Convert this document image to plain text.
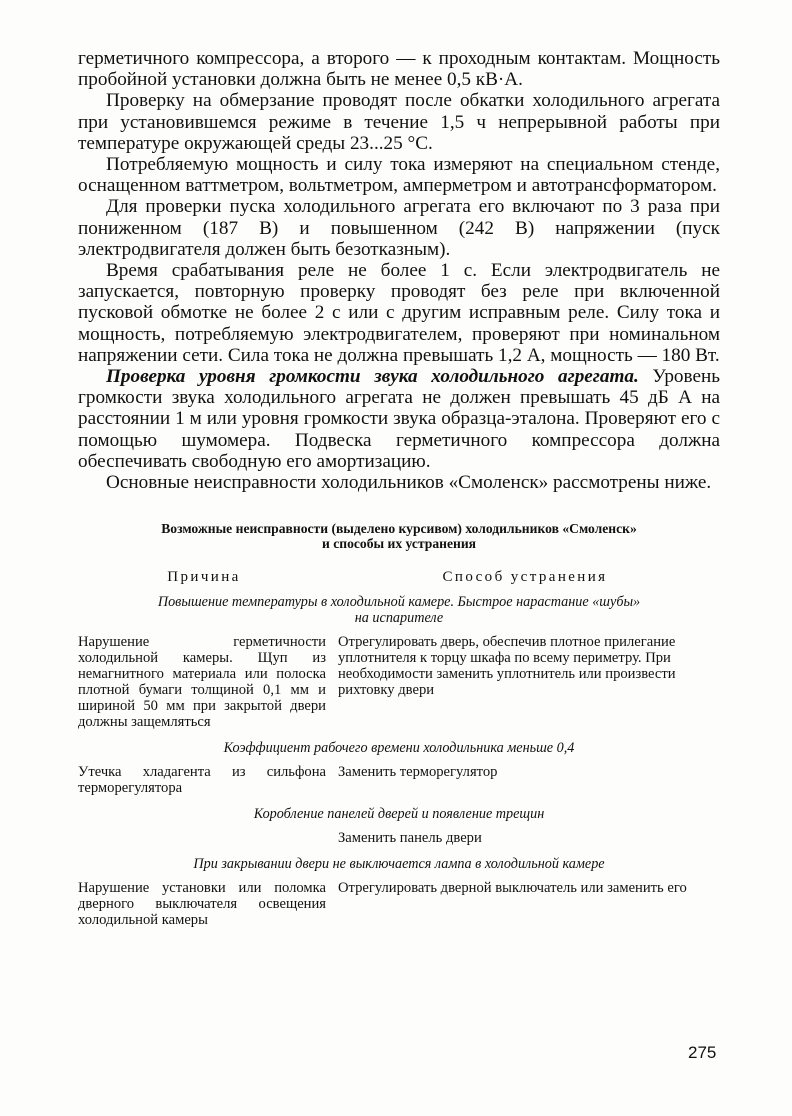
герметичного компрессора, а второго — к проходным контактам. Мощность пробойной установки должна быть не менее 0,5 кВ·А.

Проверку на обмерзание проводят после обкатки холодильного агрегата при установившемся режиме в течение 1,5 ч непрерывной работы при температуре окружающей среды 23...25 °С.

Потребляемую мощность и силу тока измеряют на специальном стенде, оснащенном ваттметром, вольтметром, амперметром и автотрансформатором.

Для проверки пуска холодильного агрегата его включают по 3 раза при пониженном (187 В) и повышенном (242 В) напряжении (пуск электродвигателя должен быть безотказным).

Время срабатывания реле не более 1 с. Если электродвигатель не запускается, повторную проверку проводят без реле при включенной пусковой обмотке не более 2 с или с другим исправным реле. Силу тока и мощность, потребляемую электродвигателем, проверяют при номинальном напряжении сети. Сила тока не должна превышать 1,2 А, мощность — 180 Вт.

Проверка уровня громкости звука холодильного агрегата. Уровень громкости звука холодильного агрегата не должен превышать 45 дБ А на расстоянии 1 м или уровня громкости звука образца-эталона. Проверяют его с помощью шумомера. Подвеска герметичного компрессора должна обеспечивать свободную его амортизацию.

Основные неисправности холодильников «Смоленск» рассмотрены ниже.

Возможные неисправности (выделено курсивом) холодильников «Смоленск»
и способы их устранения
Причина	Способ устранения
Повышение температуры в холодильной камере. Быстрое нарастание «шубы»
на испарителе
Нарушение герметичности холодильной камеры. Щуп из немагнитного материала или полоска плотной бумаги толщиной 0,1 мм и шириной 50 мм при закрытой двери должны защемляться
Отрегулировать дверь, обеспечив плотное прилегание уплотнителя к торцу шкафа по всему периметру. При необходимости заменить уплотнитель или произвести рихтовку двери
Коэффициент рабочего времени холодильника меньше 0,4
Утечка хладагента из сильфона терморегулятора
Заменить терморегулятор
Коробление панелей дверей и появление трещин
Заменить панель двери
При закрывании двери не выключается лампа в холодильной камере
Нарушение установки или поломка дверного выключателя освещения холодильной камеры
Отрегулировать дверной выключатель или заменить его
275
